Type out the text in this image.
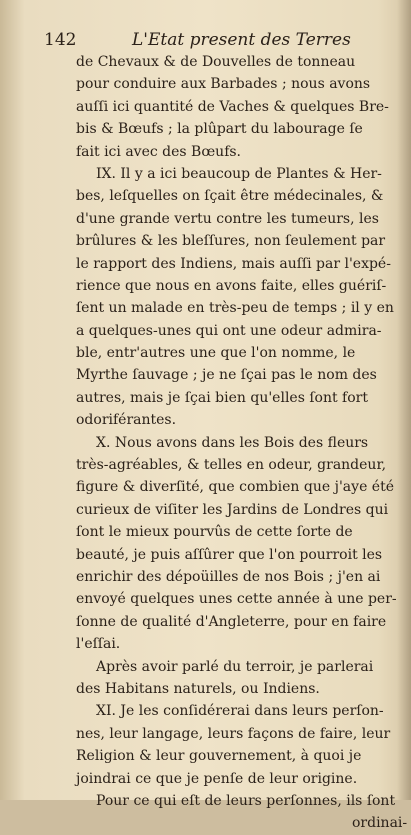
142	L'Etat present des Terres
de Chevaux & de Douvelles de tonneau
pour conduire aux Barbades ; nous avons
auſſi ici quantité de Vaches & quelques Bre-
bis & Bœufs ; la plûpart du labourage ſe
fait ici avec des Bœufs.
IX. Il y a ici beaucoup de Plantes & Her-
bes, leſquelles on ſçait être médecinales, &
d'une grande vertu contre les tumeurs, les
brûlures & les bleſſures, non ſeulement par
le rapport des Indiens, mais auſſi par l'expé-
rience que nous en avons faite, elles guériſ-
ſent un malade en très-peu de temps ; il y en
a quelques-unes qui ont une odeur admira-
ble, entr'autres une que l'on nomme, le
Myrthe ſauvage ; je ne ſçai pas le nom des
autres, mais je ſçai bien qu'elles ſont fort
odoriférantes.
X. Nous avons dans les Bois des fleurs
très-agréables, & telles en odeur, grandeur,
figure & diverſité, que combien que j'aye été
curieux de viſiter les Jardins de Londres qui
ſont le mieux pourvûs de cette ſorte de
beauté, je puis aſſûrer que l'on pourroit les
enrichir des dépoüilles de nos Bois ; j'en ai
envoyé quelques unes cette année à une per-
ſonne de qualité d'Angleterre, pour en faire
l'eſſai.
Après avoir parlé du terroir, je parlerai
des Habitans naturels, ou Indiens.
XI. Je les conſidérerai dans leurs perſon-
nes, leur langage, leurs façons de faire, leur
Religion & leur gouvernement, à quoi je
joindrai ce que je penſe de leur origine.
Pour ce qui eſt de leurs perſonnes, ils ſont
ordinai-
